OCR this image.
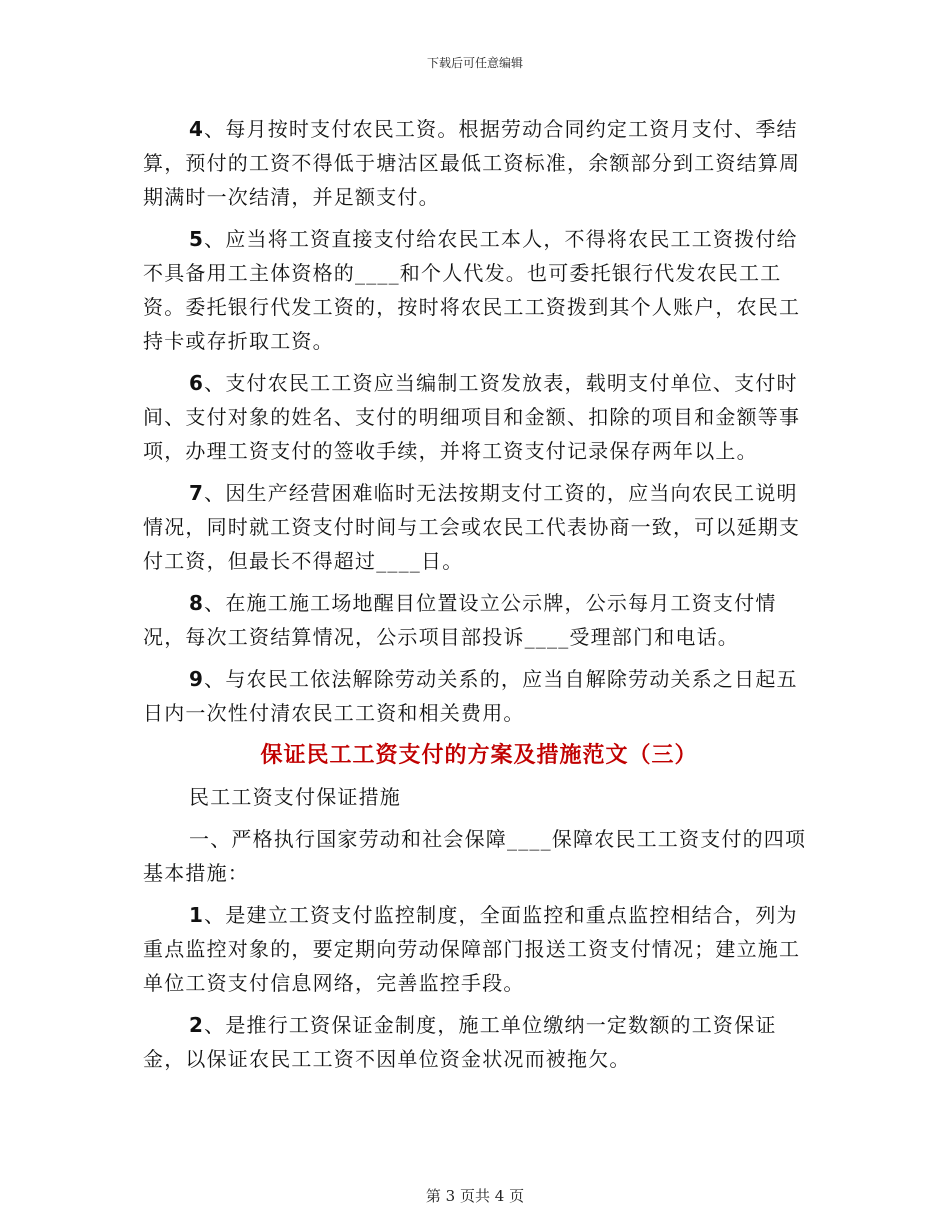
下载后可任意编辑

4、每月按时支付农民工资。根据劳动合同约定工资月支付、季结算，预付的工资不得低于塘沽区最低工资标准，余额部分到工资结算周期满时一次结清，并足额支付。

5、应当将工资直接支付给农民工本人，不得将农民工工资拨付给不具备用工主体资格的____和个人代发。也可委托银行代发农民工工资。委托银行代发工资的，按时将农民工工资拨到其个人账户，农民工持卡或存折取工资。

6、支付农民工工资应当编制工资发放表，载明支付单位、支付时间、支付对象的姓名、支付的明细项目和金额、扣除的项目和金额等事项，办理工资支付的签收手续，并将工资支付记录保存两年以上。

7、因生产经营困难临时无法按期支付工资的，应当向农民工说明情况，同时就工资支付时间与工会或农民工代表协商一致，可以延期支付工资，但最长不得超过____日。

8、在施工施工场地醒目位置设立公示牌，公示每月工资支付情况，每次工资结算情况，公示项目部投诉____受理部门和电话。

9、与农民工依法解除劳动关系的，应当自解除劳动关系之日起五日内一次性付清农民工工资和相关费用。

保证民工工资支付的方案及措施范文（三）

民工工资支付保证措施

一、严格执行国家劳动和社会保障____保障农民工工资支付的四项基本措施：

1、是建立工资支付监控制度，全面监控和重点监控相结合，列为重点监控对象的，要定期向劳动保障部门报送工资支付情况；建立施工单位工资支付信息网络，完善监控手段。

2、是推行工资保证金制度，施工单位缴纳一定数额的工资保证金，以保证农民工工资不因单位资金状况而被拖欠。

第 3 页共 4 页
